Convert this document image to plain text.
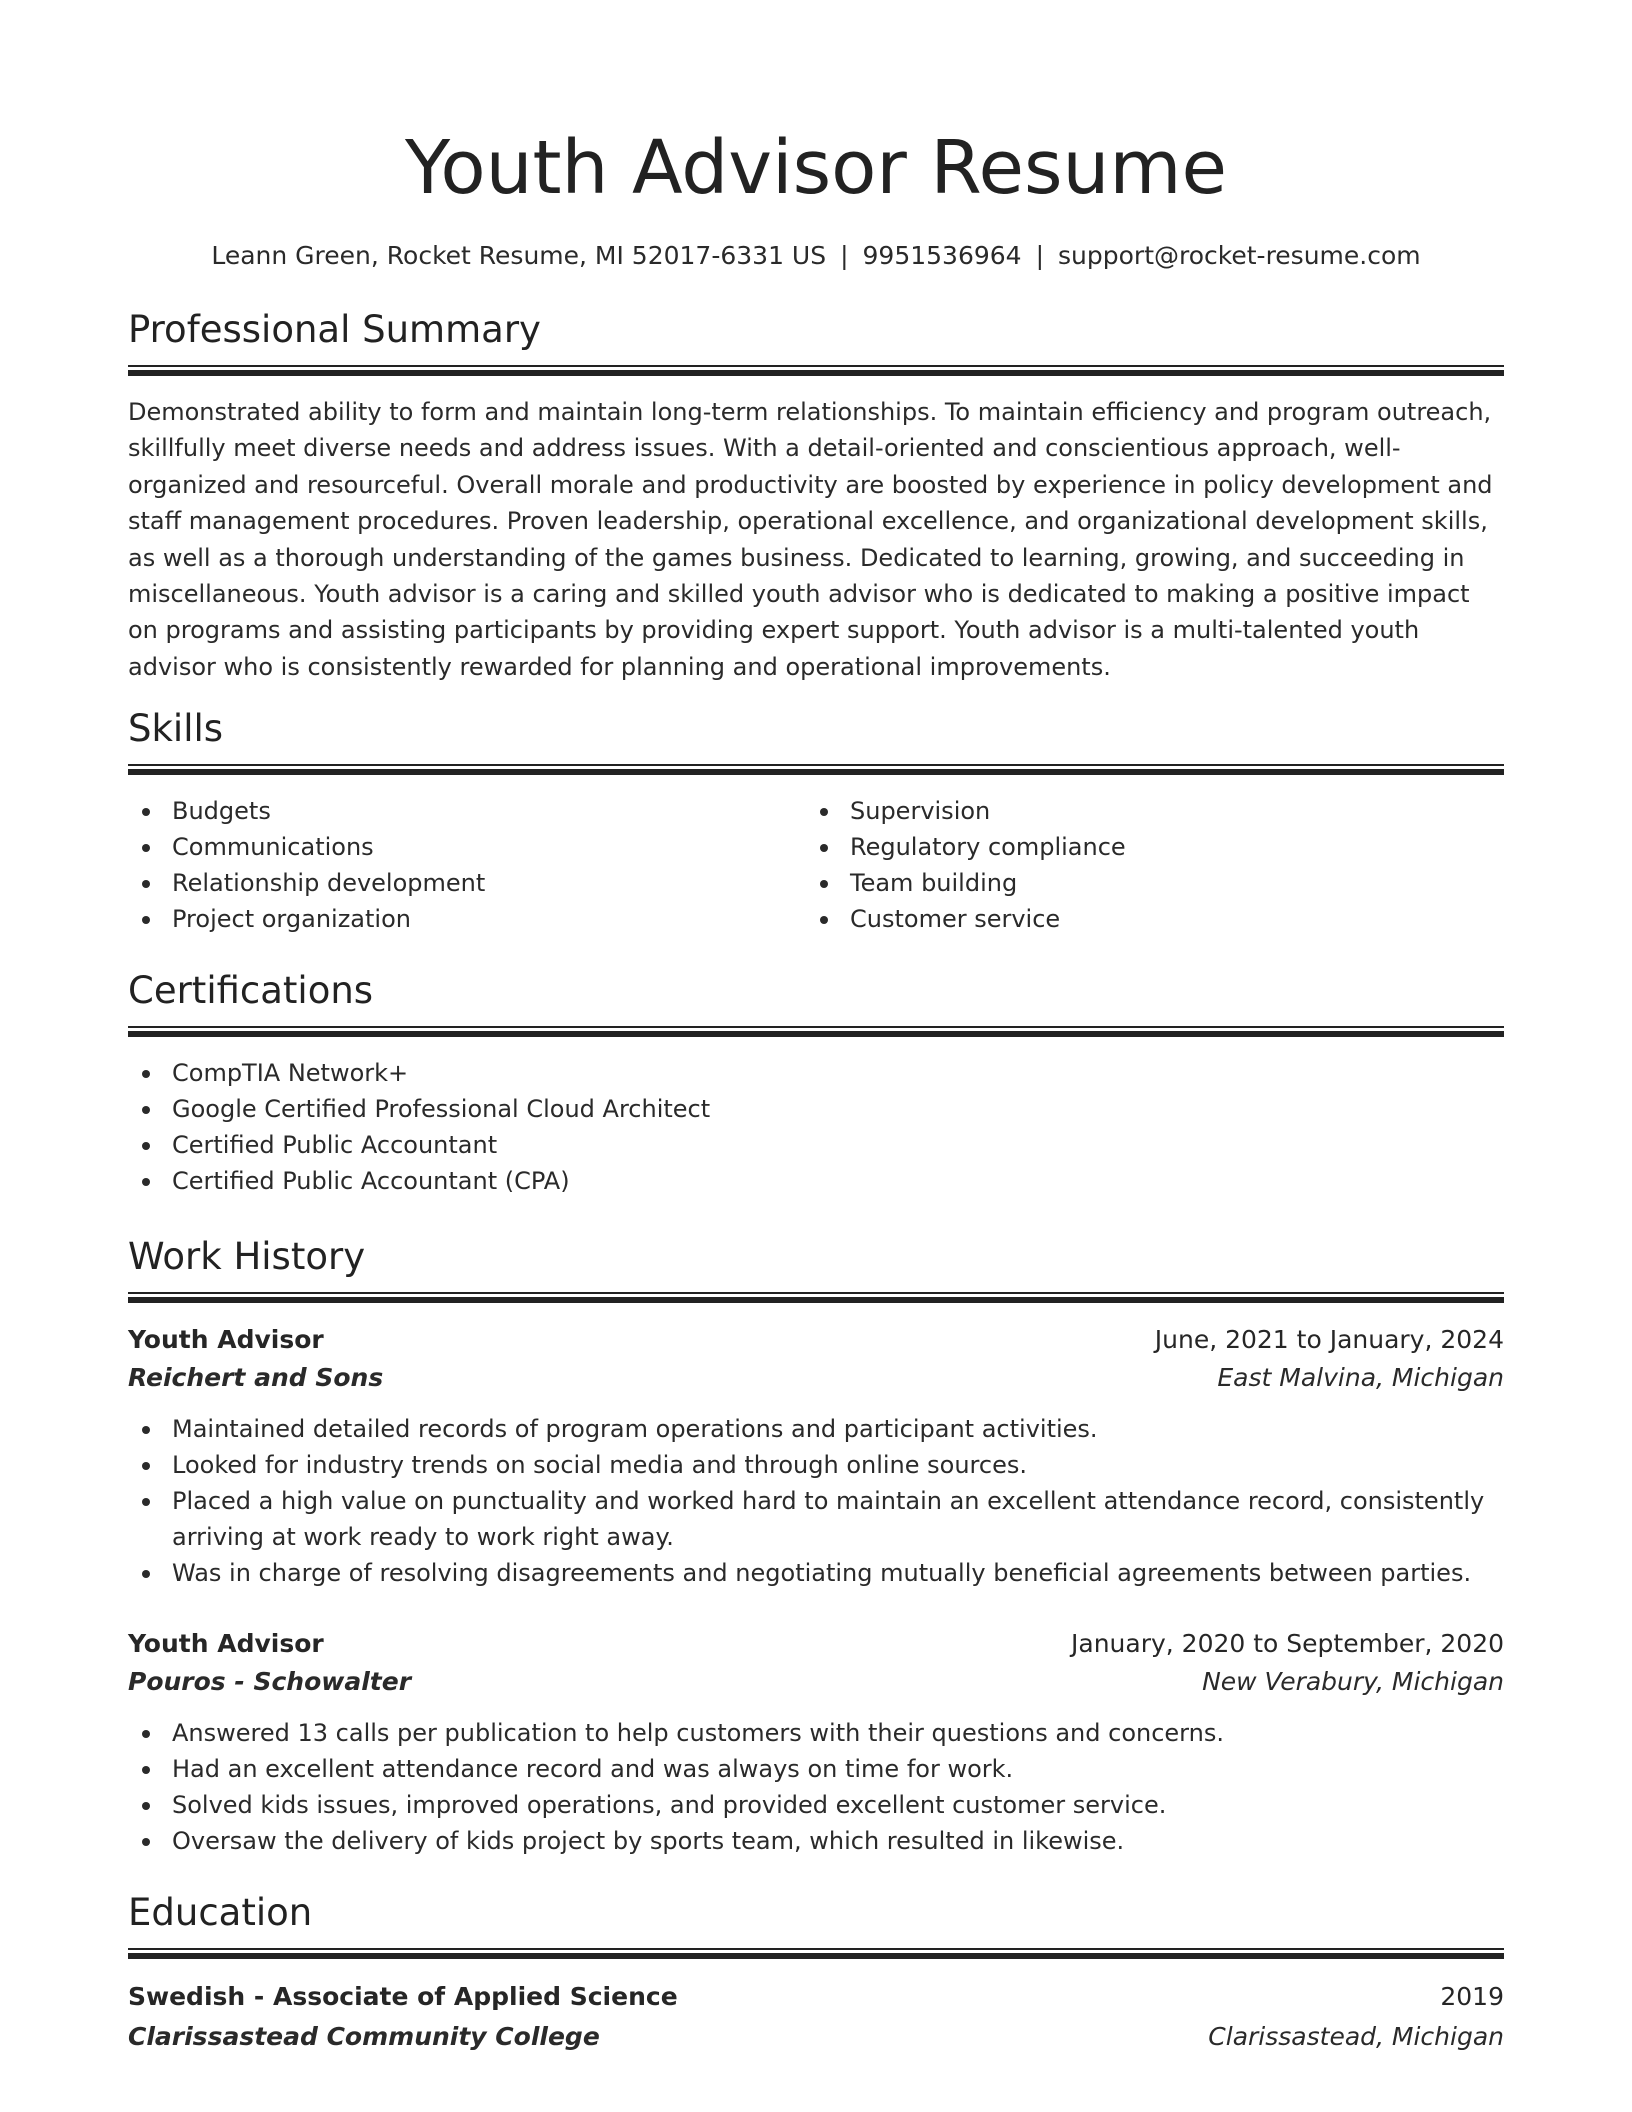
Youth Advisor Resume
Leann Green, Rocket Resume, MI 52017-6331 US | 9951536964 | support@rocket-resume.com
Professional Summary

Demonstrated ability to form and maintain long-term relationships. To maintain efficiency and program outreach, skillfully meet diverse needs and address issues. With a detail-oriented and conscientious approach, well-organized and resourceful. Overall morale and productivity are boosted by experience in policy development and staff management procedures. Proven leadership, operational excellence, and organizational development skills, as well as a thorough understanding of the games business. Dedicated to learning, growing, and succeeding in miscellaneous. Youth advisor is a caring and skilled youth advisor who is dedicated to making a positive impact on programs and assisting participants by providing expert support. Youth advisor is a multi-talented youth advisor who is consistently rewarded for planning and operational improvements.

Skills
Budgets
Communications
Relationship development
Project organization
Supervision
Regulatory compliance
Team building
Customer service
Certifications
CompTIA Network+
Google Certified Professional Cloud Architect
Certified Public Accountant
Certified Public Accountant (CPA)
Work History
Youth Advisor	June, 2021 to January, 2024
Reichert and Sons	East Malvina, Michigan
Maintained detailed records of program operations and participant activities.
Looked for industry trends on social media and through online sources.
Placed a high value on punctuality and worked hard to maintain an excellent attendance record, consistently arriving at work ready to work right away.
Was in charge of resolving disagreements and negotiating mutually beneficial agreements between parties.
Youth Advisor	January, 2020 to September, 2020
Pouros - Schowalter	New Verabury, Michigan
Answered 13 calls per publication to help customers with their questions and concerns.
Had an excellent attendance record and was always on time for work.
Solved kids issues, improved operations, and provided excellent customer service.
Oversaw the delivery of kids project by sports team, which resulted in likewise.
Education
Swedish - Associate of Applied Science	2019
Clarissastead Community College	Clarissastead, Michigan
